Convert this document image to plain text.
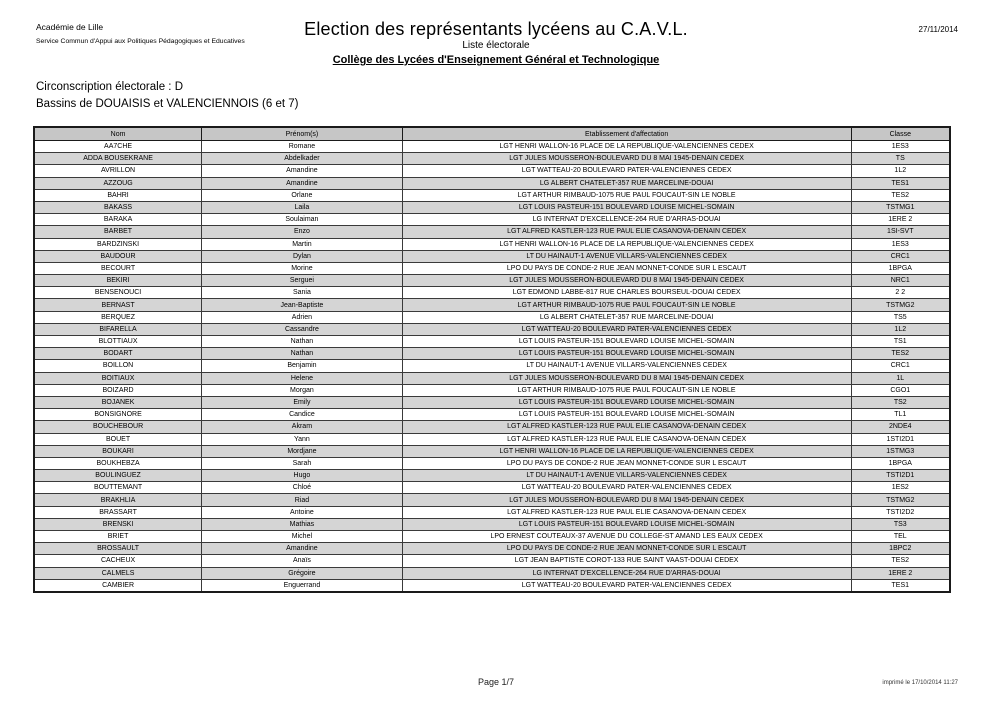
Académie de Lille
Service Commun d'Appui aux Politiques Pédagogiques et Educatives
Election des représentants lycéens au C.A.V.L.
Liste électorale
Collège des Lycées d'Enseignement Général et Technologique
27/11/2014
Circonscription électorale : D
Bassins de DOUAISIS et VALENCIENNOIS (6 et 7)
Nom	Prénom(s)	Etablissement d'affectation	Classe
AA7CHE	Romane	LGT HENRI WALLON-16 PLACE DE LA REPUBLIQUE-VALENCIENNES CEDEX	1ES3
ADDA BOUSEKRANE	Abdelkader	LGT JULES MOUSSERON-BOULEVARD DU 8 MAI 1945-DENAIN CEDEX	TS
AVRILLON	Amandine	LGT WATTEAU-20 BOULEVARD PATER-VALENCIENNES CEDEX	1L2
AZZOUG	Amandine	LG ALBERT CHATELET-357 RUE MARCELINE-DOUAI	TES1
BAHRI	Orlane	LGT ARTHUR RIMBAUD-1075 RUE PAUL FOUCAUT-SIN LE NOBLE	TES2
BAKASS	Laila	LGT LOUIS PASTEUR-151 BOULEVARD LOUISE MICHEL-SOMAIN	TSTMG1
BARAKA	Soulaiman	LG INTERNAT D'EXCELLENCE-264 RUE D'ARRAS-DOUAI	1ERE 2
BARBET	Enzo	LGT ALFRED KASTLER-123 RUE PAUL ELIE CASANOVA-DENAIN CEDEX	1SI-SVT
BARDZINSKI	Martin	LGT HENRI WALLON-16 PLACE DE LA REPUBLIQUE-VALENCIENNES CEDEX	1ES3
BAUDOUR	Dylan	LT DU HAINAUT-1 AVENUE VILLARS-VALENCIENNES CEDEX	CRC1
BECOURT	Morine	LPO DU PAYS DE CONDE-2 RUE JEAN MONNET-CONDE SUR L ESCAUT	1BPGA
BEKIRI	Serguei	LGT JULES MOUSSERON-BOULEVARD DU 8 MAI 1945-DENAIN CEDEX	NRC1
BENSENOUCI	Sania	LGT EDMOND LABBE-817 RUE CHARLES BOURSEUL-DOUAI CEDEX	2 2
BERNAST	Jean-Baptiste	LGT ARTHUR RIMBAUD-1075 RUE PAUL FOUCAUT-SIN LE NOBLE	TSTMG2
BERQUEZ	Adrien	LG ALBERT CHATELET-357 RUE MARCELINE-DOUAI	TS5
BIFARELLA	Cassandre	LGT WATTEAU-20 BOULEVARD PATER-VALENCIENNES CEDEX	1L2
BLOTTIAUX	Nathan	LGT LOUIS PASTEUR-151 BOULEVARD LOUISE MICHEL-SOMAIN	TS1
BODART	Nathan	LGT LOUIS PASTEUR-151 BOULEVARD LOUISE MICHEL-SOMAIN	TES2
BOILLON	Benjamin	LT DU HAINAUT-1 AVENUE VILLARS-VALENCIENNES CEDEX	CRC1
BOITIAUX	Helene	LGT JULES MOUSSERON-BOULEVARD DU 8 MAI 1945-DENAIN CEDEX	1L
BOIZARD	Morgan	LGT ARTHUR RIMBAUD-1075 RUE PAUL FOUCAUT-SIN LE NOBLE	CGO1
BOJANEK	Emily	LGT LOUIS PASTEUR-151 BOULEVARD LOUISE MICHEL-SOMAIN	TS2
BONSIGNORE	Candice	LGT LOUIS PASTEUR-151 BOULEVARD LOUISE MICHEL-SOMAIN	TL1
BOUCHEBOUR	Akram	LGT ALFRED KASTLER-123 RUE PAUL ELIE CASANOVA-DENAIN CEDEX	2NDE4
BOUET	Yann	LGT ALFRED KASTLER-123 RUE PAUL ELIE CASANOVA-DENAIN CEDEX	1STI2D1
BOUKARI	Mordjane	LGT HENRI WALLON-16 PLACE DE LA REPUBLIQUE-VALENCIENNES CEDEX	1STMG3
BOUKHEBZA	Sarah	LPO DU PAYS DE CONDE-2 RUE JEAN MONNET-CONDE SUR L ESCAUT	1BPGA
BOULINGUEZ	Hugo	LT DU HAINAUT-1 AVENUE VILLARS-VALENCIENNES CEDEX	TSTI2D1
BOUTTEMANT	Chloé	LGT WATTEAU-20 BOULEVARD PATER-VALENCIENNES CEDEX	1ES2
BRAKHLIA	Riad	LGT JULES MOUSSERON-BOULEVARD DU 8 MAI 1945-DENAIN CEDEX	TSTMG2
BRASSART	Antoine	LGT ALFRED KASTLER-123 RUE PAUL ELIE CASANOVA-DENAIN CEDEX	TSTI2D2
BRENSKI	Mathias	LGT LOUIS PASTEUR-151 BOULEVARD LOUISE MICHEL-SOMAIN	TS3
BRIET	Michel	LPO ERNEST COUTEAUX-37 AVENUE DU COLLEGE-ST AMAND LES EAUX CEDEX	TEL
BROSSAULT	Amandine	LPO DU PAYS DE CONDE-2 RUE JEAN MONNET-CONDE SUR L ESCAUT	1BPC2
CACHEUX	Anaïs	LGT JEAN BAPTISTE COROT-133 RUE SAINT VAAST-DOUAI CEDEX	TES2
CALMELS	Grégoire	LG INTERNAT D'EXCELLENCE-264 RUE D'ARRAS-DOUAI	1ERE 2
CAMBIER	Enguerrand	LGT WATTEAU-20 BOULEVARD PATER-VALENCIENNES CEDEX	TES1
Page 1/7	imprimé le 17/10/2014 11:27
